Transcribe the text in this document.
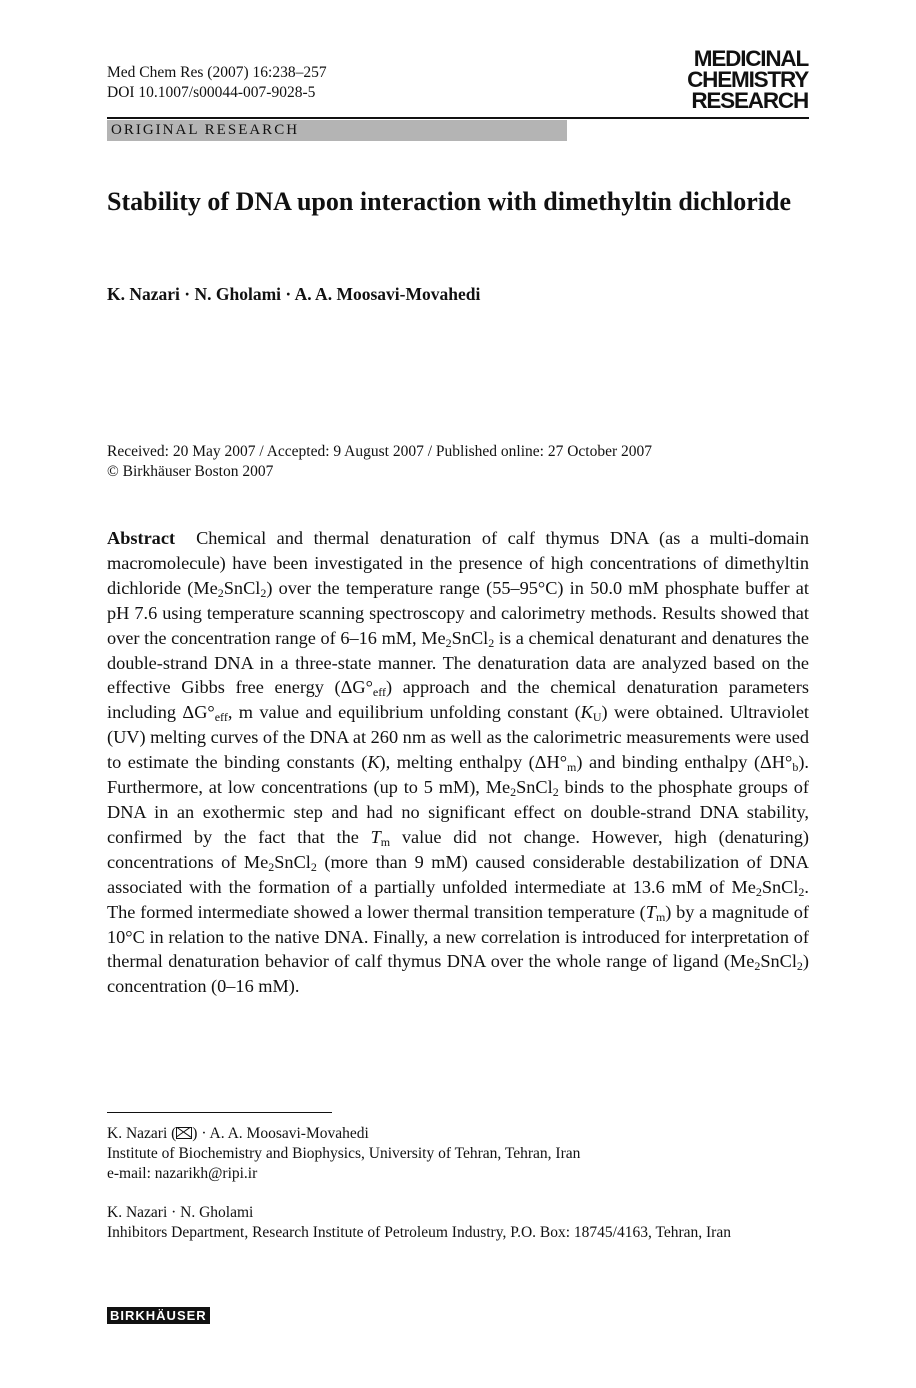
Med Chem Res (2007) 16:238–257
DOI 10.1007/s00044-007-9028-5
MEDICINAL
CHEMISTRY
RESEARCH
ORIGINAL RESEARCH
Stability of DNA upon interaction with dimethyltin dichloride
K. Nazari · N. Gholami · A. A. Moosavi-Movahedi
Received: 20 May 2007 / Accepted: 9 August 2007 / Published online: 27 October 2007
© Birkhäuser Boston 2007
Abstract Chemical and thermal denaturation of calf thymus DNA (as a multi-domain macromolecule) have been investigated in the presence of high concentrations of dimethyltin dichloride $(Me_2SnCl_2)$ over the temperature range (55–95°C) in 50.0 mM phosphate buffer at pH 7.6 using temperature scanning spectroscopy and calorimetry methods. Results showed that over the concentration range of 6–16 mM, $Me_2SnCl_2$ is a chemical denaturant and denatures the double-strand DNA in a three-state manner. The denaturation data are analyzed based on the effective Gibbs free energy $(\Delta G^\circ_{eff})$ approach and the chemical denaturation parameters including $\Delta G^\circ_{eff}$, m value and equilibrium unfolding constant $(K_U)$ were obtained. Ultraviolet (UV) melting curves of the DNA at 260 nm as well as the calorimetric measurements were used to estimate the binding constants (K), melting enthalpy $(\Delta H^\circ_m)$ and binding enthalpy $(\Delta H^\circ_b)$. Furthermore, at low concentrations (up to 5 mM), $Me_2SnCl_2$ binds to the phosphate groups of DNA in an exothermic step and had no significant effect on double-strand DNA stability, confirmed by the fact that the $T_m$ value did not change. However, high (denaturing) concentrations of $Me_2SnCl_2$ (more than 9 mM) caused considerable destabilization of DNA associated with the formation of a partially unfolded intermediate at 13.6 mM of $Me_2SnCl_2$. The formed intermediate showed a lower thermal transition temperature $(T_m)$ by a magnitude of 10°C in relation to the native DNA. Finally, a new correlation is introduced for interpretation of thermal denaturation behavior of calf thymus DNA over the whole range of ligand $(Me_2SnCl_2)$ concentration (0–16 mM).
K. Nazari ( ) · A. A. Moosavi-Movahedi
Institute of Biochemistry and Biophysics, University of Tehran, Tehran, Iran
e-mail: nazarikh@ripi.ir
K. Nazari · N. Gholami
Inhibitors Department, Research Institute of Petroleum Industry, P.O. Box: 18745/4163, Tehran, Iran
BIRKHÄUSER
